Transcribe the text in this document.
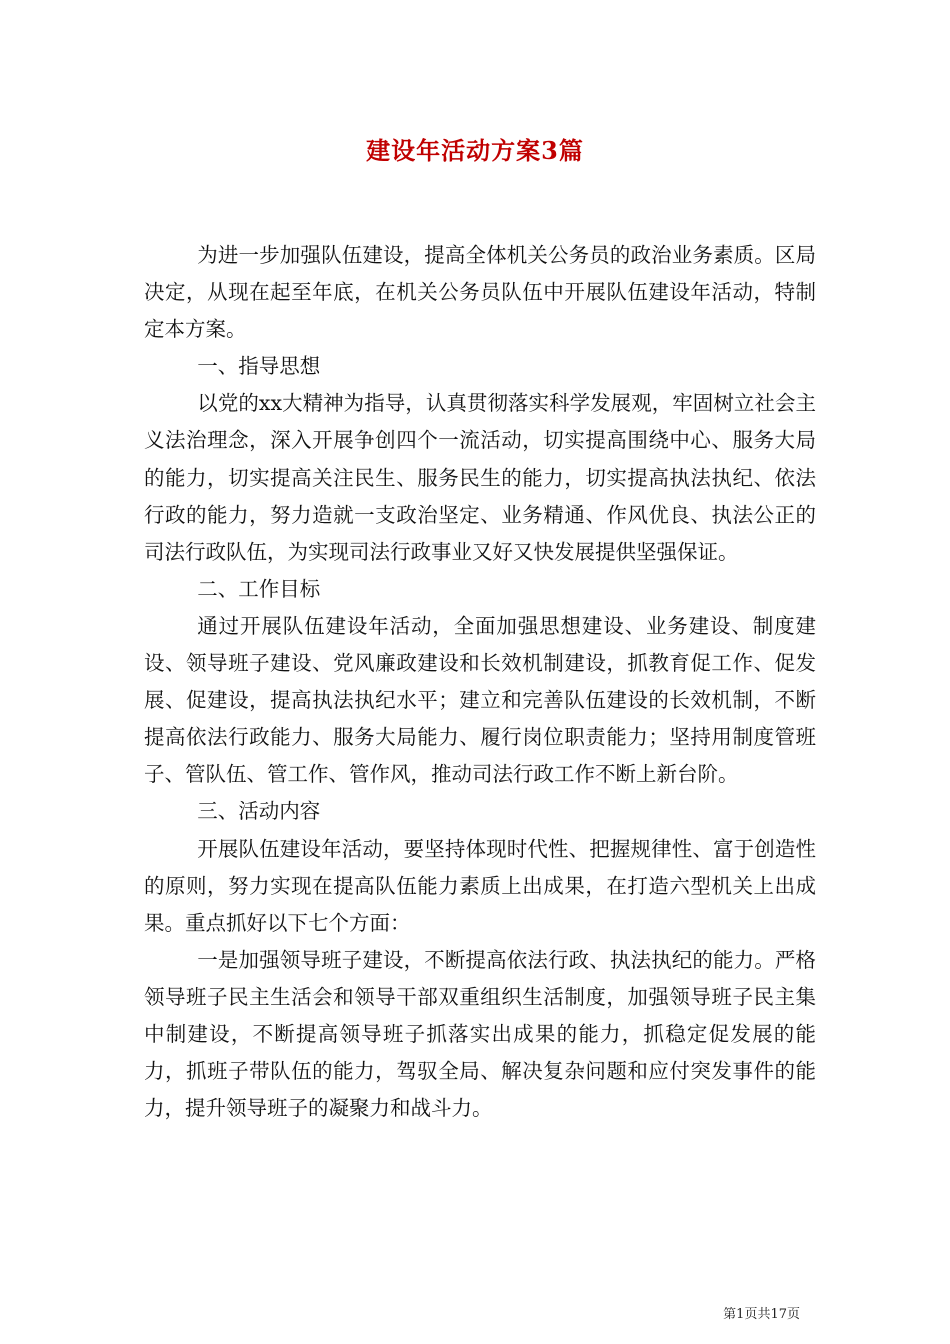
建设年活动方案3篇

为进一步加强队伍建设，提高全体机关公务员的政治业务素质。区局决定，从现在起至年底，在机关公务员队伍中开展队伍建设年活动，特制定本方案。

一、指导思想

以党的xx大精神为指导，认真贯彻落实科学发展观，牢固树立社会主义法治理念，深入开展争创四个一流活动，切实提高围绕中心、服务大局的能力，切实提高关注民生、服务民生的能力，切实提高执法执纪、依法行政的能力，努力造就一支政治坚定、业务精通、作风优良、执法公正的司法行政队伍，为实现司法行政事业又好又快发展提供坚强保证。

二、工作目标

通过开展队伍建设年活动，全面加强思想建设、业务建设、制度建设、领导班子建设、党风廉政建设和长效机制建设，抓教育促工作、促发展、促建设，提高执法执纪水平；建立和完善队伍建设的长效机制，不断提高依法行政能力、服务大局能力、履行岗位职责能力；坚持用制度管班子、管队伍、管工作、管作风，推动司法行政工作不断上新台阶。

三、活动内容

开展队伍建设年活动，要坚持体现时代性、把握规律性、富于创造性的原则，努力实现在提高队伍能力素质上出成果，在打造六型机关上出成果。重点抓好以下七个方面：

一是加强领导班子建设，不断提高依法行政、执法执纪的能力。严格领导班子民主生活会和领导干部双重组织生活制度，加强领导班子民主集中制建设，不断提高领导班子抓落实出成果的能力，抓稳定促发展的能力，抓班子带队伍的能力，驾驭全局、解决复杂问题和应付突发事件的能力，提升领导班子的凝聚力和战斗力。

第1页共17页
